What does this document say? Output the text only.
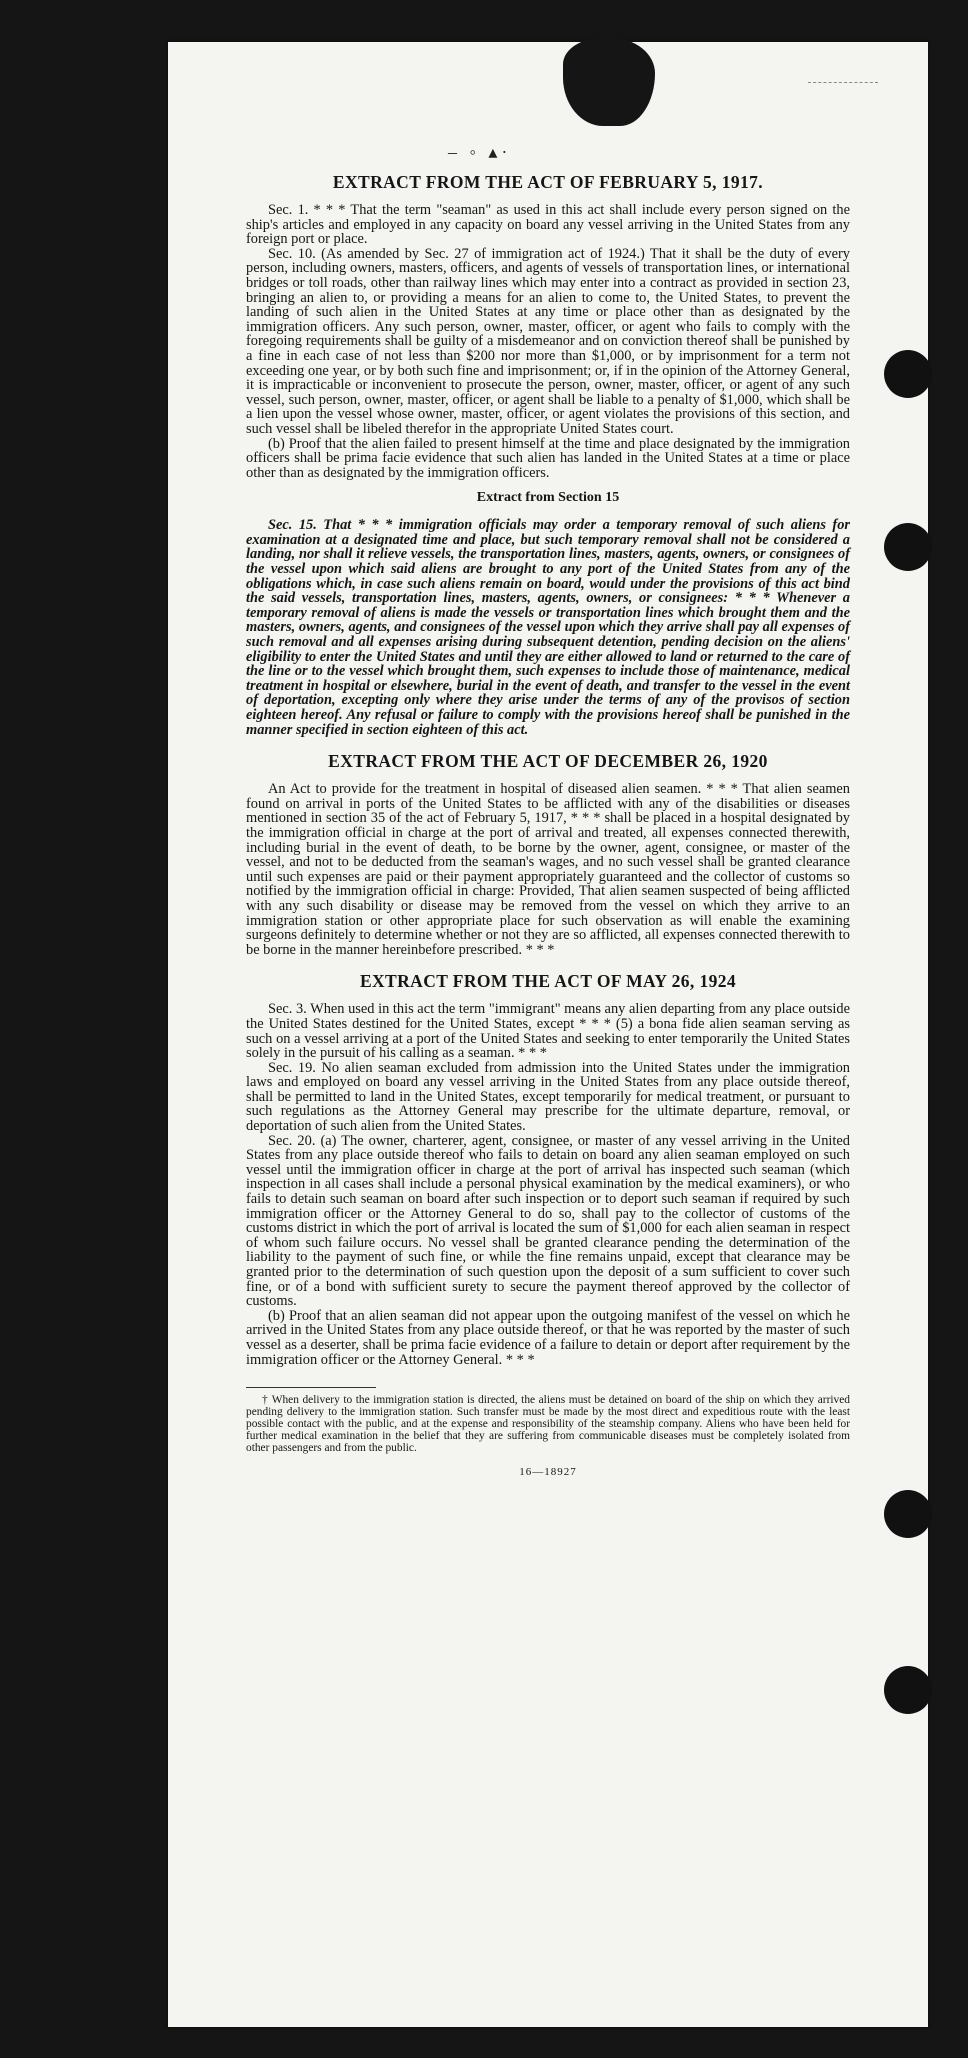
‒ ◦ ▴·
EXTRACT FROM THE ACT OF FEBRUARY 5, 1917.

Sec. 1. * * * That the term "seaman" as used in this act shall include every person signed on the ship's articles and employed in any capacity on board any vessel arriving in the United States from any foreign port or place.

Sec. 10. (As amended by Sec. 27 of immigration act of 1924.) That it shall be the duty of every person, including owners, masters, officers, and agents of vessels of transportation lines, or international bridges or toll roads, other than railway lines which may enter into a contract as provided in section 23, bringing an alien to, or providing a means for an alien to come to, the United States, to prevent the landing of such alien in the United States at any time or place other than as designated by the immigration officers. Any such person, owner, master, officer, or agent who fails to comply with the foregoing requirements shall be guilty of a misdemeanor and on conviction thereof shall be punished by a fine in each case of not less than $200 nor more than $1,000, or by imprisonment for a term not exceeding one year, or by both such fine and imprisonment; or, if in the opinion of the Attorney General, it is impracticable or inconvenient to prosecute the person, owner, master, officer, or agent of any such vessel, such person, owner, master, officer, or agent shall be liable to a penalty of $1,000, which shall be a lien upon the vessel whose owner, master, officer, or agent violates the provisions of this section, and such vessel shall be libeled therefor in the appropriate United States court.

(b) Proof that the alien failed to present himself at the time and place designated by the immigration officers shall be prima facie evidence that such alien has landed in the United States at a time or place other than as designated by the immigration officers.

Extract from Section 15

Sec. 15. That * * * immigration officials may order a temporary removal of such aliens for examination at a designated time and place, but such temporary removal shall not be considered a landing, nor shall it relieve vessels, the transportation lines, masters, agents, owners, or consignees of the vessel upon which said aliens are brought to any port of the United States from any of the obligations which, in case such aliens remain on board, would under the provisions of this act bind the said vessels, transportation lines, masters, agents, owners, or consignees: * * * Whenever a temporary removal of aliens is made the vessels or transportation lines which brought them and the masters, owners, agents, and consignees of the vessel upon which they arrive shall pay all expenses of such removal and all expenses arising during subsequent detention, pending decision on the aliens' eligibility to enter the United States and until they are either allowed to land or returned to the care of the line or to the vessel which brought them, such expenses to include those of maintenance, medical treatment in hospital or elsewhere, burial in the event of death, and transfer to the vessel in the event of deportation, excepting only where they arise under the terms of any of the provisos of section eighteen hereof. Any refusal or failure to comply with the provisions hereof shall be punished in the manner specified in section eighteen of this act.

EXTRACT FROM THE ACT OF DECEMBER 26, 1920

An Act to provide for the treatment in hospital of diseased alien seamen. * * * That alien seamen found on arrival in ports of the United States to be afflicted with any of the disabilities or diseases mentioned in section 35 of the act of February 5, 1917, * * * shall be placed in a hospital designated by the immigration official in charge at the port of arrival and treated, all expenses connected therewith, including burial in the event of death, to be borne by the owner, agent, consignee, or master of the vessel, and not to be deducted from the seaman's wages, and no such vessel shall be granted clearance until such expenses are paid or their payment appropriately guaranteed and the collector of customs so notified by the immigration official in charge: Provided, That alien seamen suspected of being afflicted with any such disability or disease may be removed from the vessel on which they arrive to an immigration station or other appropriate place for such observation as will enable the examining surgeons definitely to determine whether or not they are so afflicted, all expenses connected therewith to be borne in the manner hereinbefore prescribed. * * *

EXTRACT FROM THE ACT OF MAY 26, 1924

Sec. 3. When used in this act the term "immigrant" means any alien departing from any place outside the United States destined for the United States, except * * * (5) a bona fide alien seaman serving as such on a vessel arriving at a port of the United States and seeking to enter temporarily the United States solely in the pursuit of his calling as a seaman. * * *

Sec. 19. No alien seaman excluded from admission into the United States under the immigration laws and employed on board any vessel arriving in the United States from any place outside thereof, shall be permitted to land in the United States, except temporarily for medical treatment, or pursuant to such regulations as the Attorney General may prescribe for the ultimate departure, removal, or deportation of such alien from the United States.

Sec. 20. (a) The owner, charterer, agent, consignee, or master of any vessel arriving in the United States from any place outside thereof who fails to detain on board any alien seaman employed on such vessel until the immigration officer in charge at the port of arrival has inspected such seaman (which inspection in all cases shall include a personal physical examination by the medical examiners), or who fails to detain such seaman on board after such inspection or to deport such seaman if required by such immigration officer or the Attorney General to do so, shall pay to the collector of customs of the customs district in which the port of arrival is located the sum of $1,000 for each alien seaman in respect of whom such failure occurs. No vessel shall be granted clearance pending the determination of the liability to the payment of such fine, or while the fine remains unpaid, except that clearance may be granted prior to the determination of such question upon the deposit of a sum sufficient to cover such fine, or of a bond with sufficient surety to secure the payment thereof approved by the collector of customs.

(b) Proof that an alien seaman did not appear upon the outgoing manifest of the vessel on which he arrived in the United States from any place outside thereof, or that he was reported by the master of such vessel as a deserter, shall be prima facie evidence of a failure to detain or deport after requirement by the immigration officer or the Attorney General. * * *

† When delivery to the immigration station is directed, the aliens must be detained on board of the ship on which they arrived pending delivery to the immigration station. Such transfer must be made by the most direct and expeditious route with the least possible contact with the public, and at the expense and responsibility of the steamship company. Aliens who have been held for further medical examination in the belief that they are suffering from communicable diseases must be completely isolated from other passengers and from the public.

16—18927
